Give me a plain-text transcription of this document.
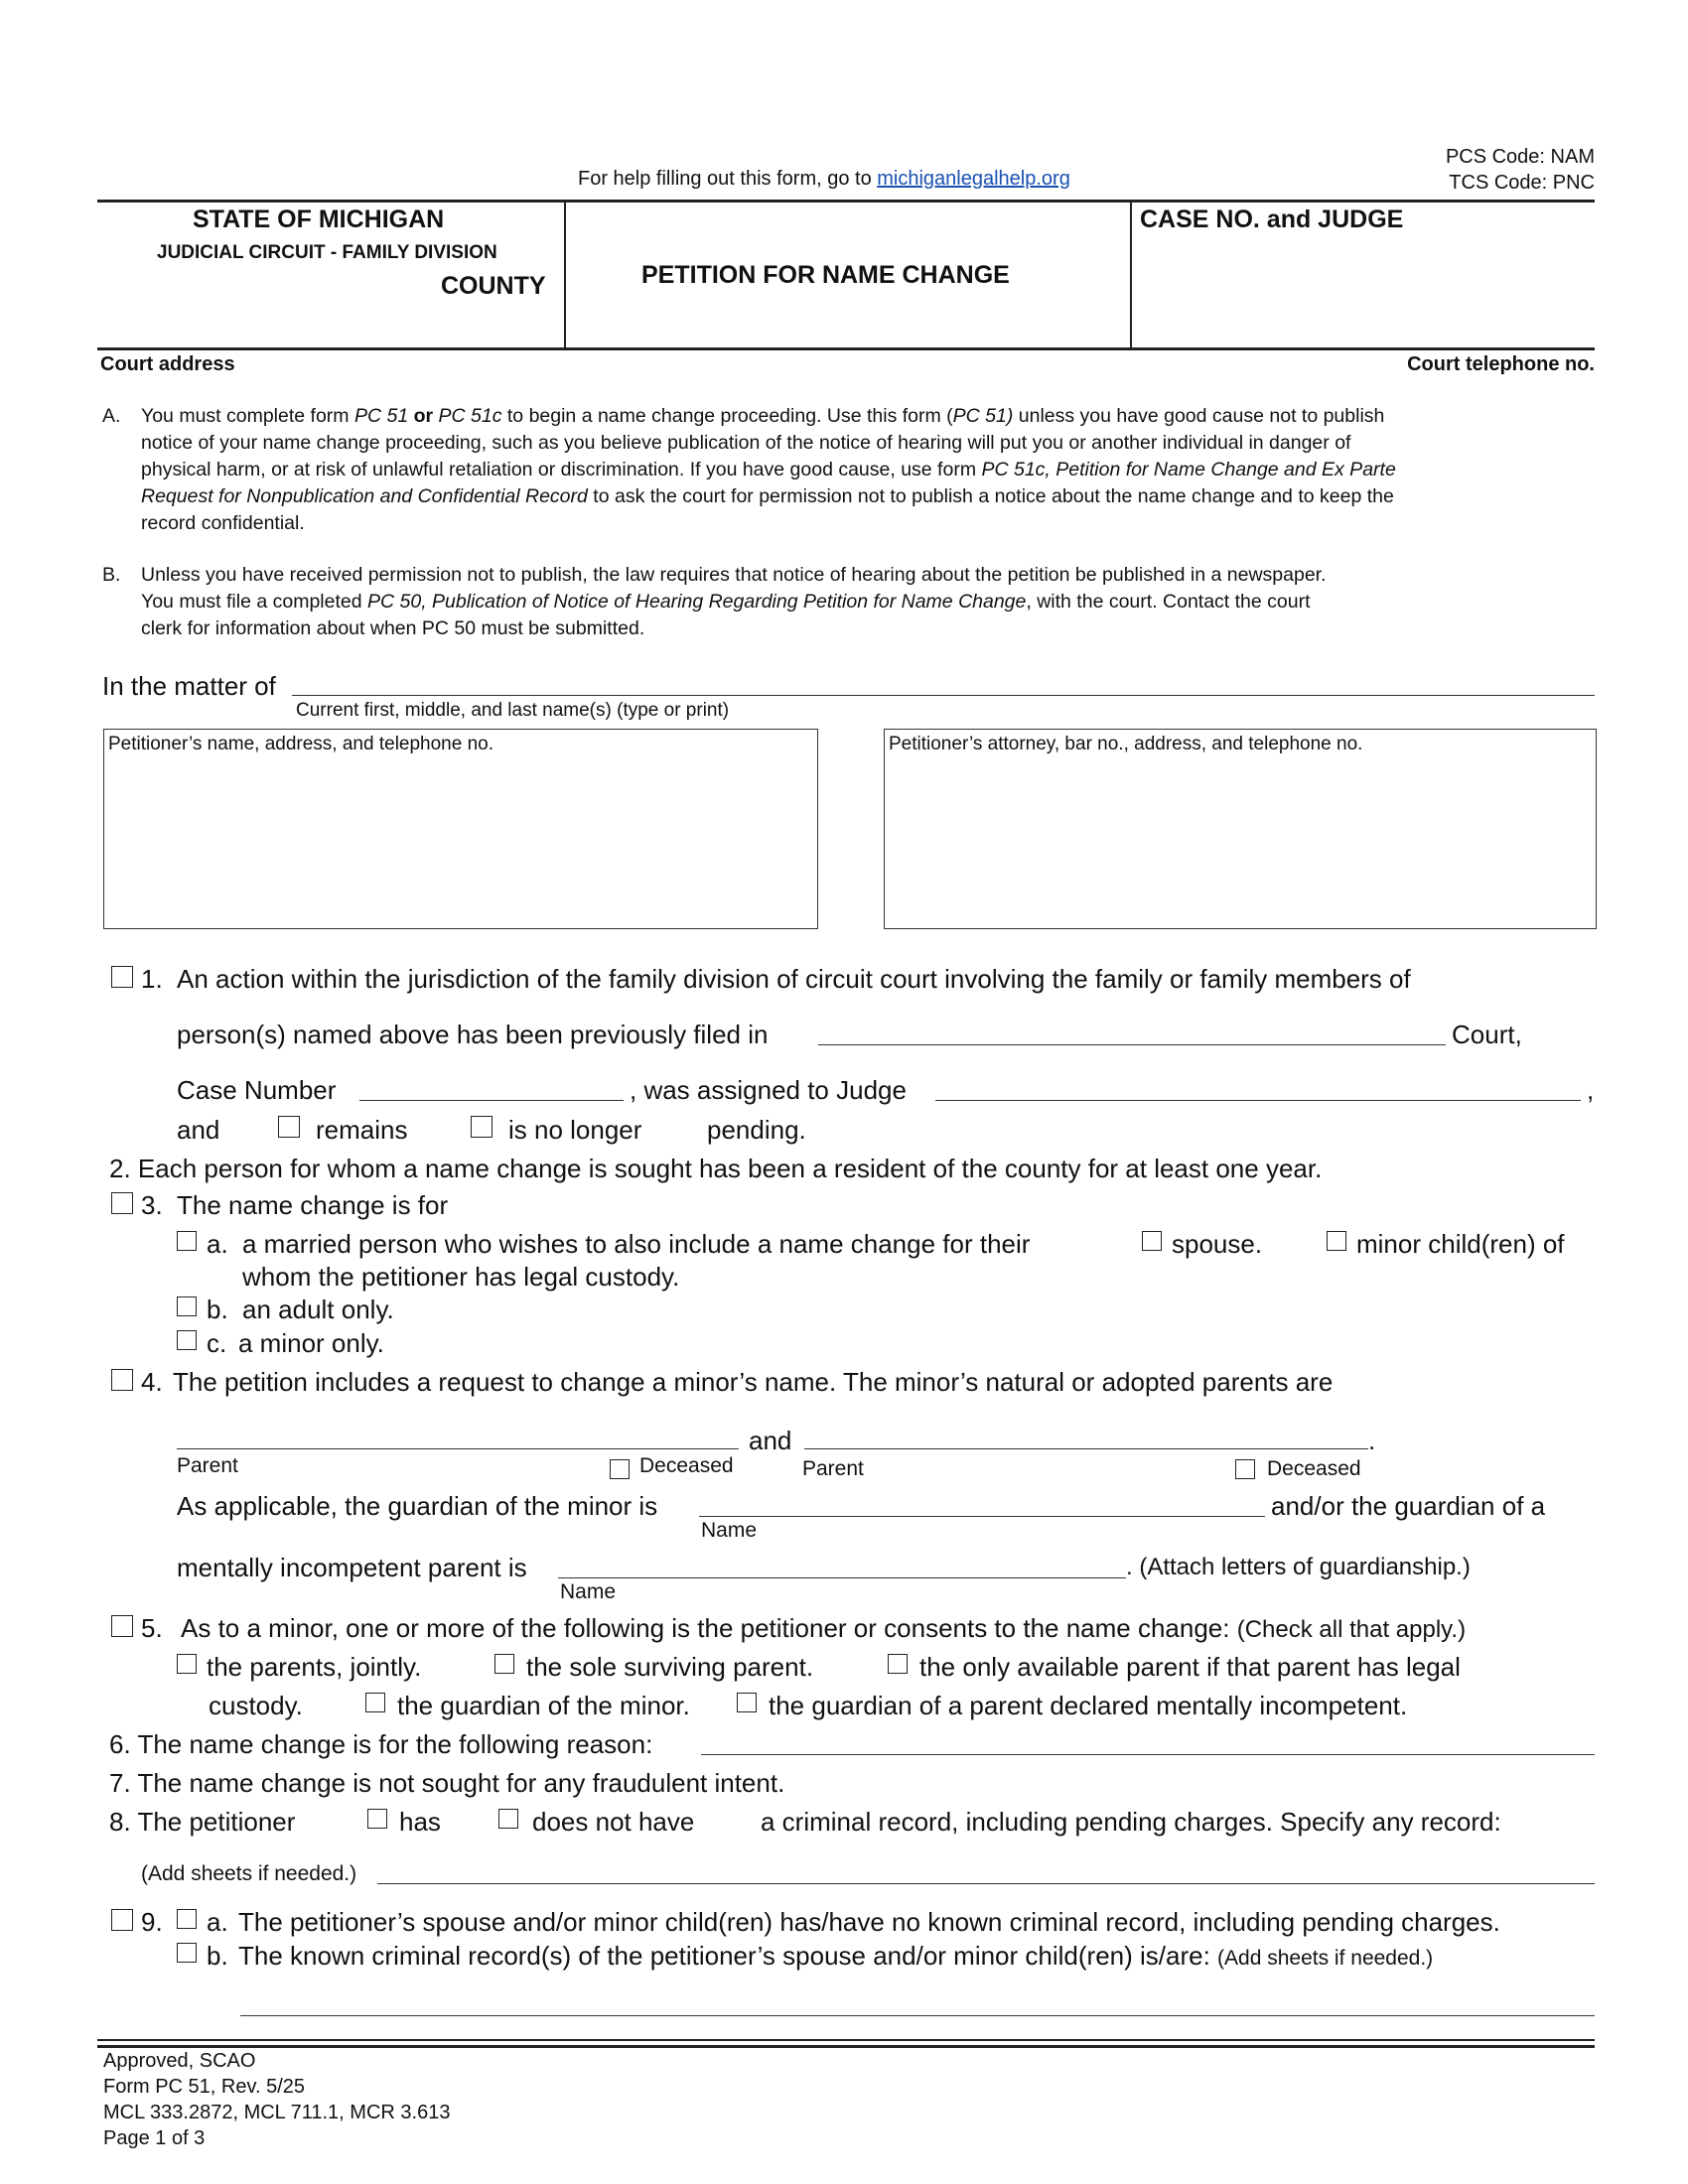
For help filling out this form, go to michiganlegalhelp.org
PCS Code: NAM
TCS Code: PNC
STATE OF MICHIGAN
JUDICIAL CIRCUIT - FAMILY DIVISION
COUNTY	PETITION FOR NAME CHANGE
CASE NO. and JUDGE
Court address	Court telephone no.
A. You must complete form PC 51 or PC 51c to begin a name change proceeding. Use this form (PC 51) unless you have good cause not to publish
notice of your name change proceeding, such as you believe publication of the notice of hearing will put you or another individual in danger of
physical harm, or at risk of unlawful retaliation or discrimination. If you have good cause, use form PC 51c, Petition for Name Change and Ex Parte
Request for Nonpublication and Confidential Record to ask the court for permission not to publish a notice about the name change and to keep the
record confidential.
B. Unless you have received permission not to publish, the law requires that notice of hearing about the petition be published in a newspaper.
You must file a completed PC 50, Publication of Notice of Hearing Regarding Petition for Name Change, with the court. Contact the court
clerk for information about when PC 50 must be submitted.
In the matter of
Current first, middle, and last name(s) (type or print)
Petitioner’s name, address, and telephone no.	Petitioner’s attorney, bar no., address, and telephone no.
1. An action within the jurisdiction of the family division of circuit court involving the family or family members of
person(s) named above has been previously filed in	Court,
Case Number	, was assigned to Judge	,
and	remains	is no longer	pending.
2. Each person for whom a name change is sought has been a resident of the county for at least one year.
3. The name change is for
a. a married person who wishes to also include a name change for their	spouse.	minor child(ren) of
whom the petitioner has legal custody.
b. an adult only.
c. a minor only.
4. The petition includes a request to change a minor’s name. The minor’s natural or adopted parents are
and	.
Parent	Deceased	Parent	Deceased
As applicable, the guardian of the minor is	and/or the guardian of a
Name
mentally incompetent parent is	. (Attach letters of guardianship.)
Name
5. As to a minor, one or more of the following is the petitioner or consents to the name change: (Check all that apply.)
the parents, jointly.	the sole surviving parent.	the only available parent if that parent has legal
custody.	the guardian of the minor.	the guardian of a parent declared mentally incompetent.
6. The name change is for the following reason:
7. The name change is not sought for any fraudulent intent.
8. The petitioner	has	does not have	a criminal record, including pending charges. Specify any record:
(Add sheets if needed.)
9. a. The petitioner’s spouse and/or minor child(ren) has/have no known criminal record, including pending charges.
b. The known criminal record(s) of the petitioner’s spouse and/or minor child(ren) is/are: (Add sheets if needed.)
Approved, SCAO
Form PC 51, Rev. 5/25
MCL 333.2872, MCL 711.1, MCR 3.613
Page 1 of 3
